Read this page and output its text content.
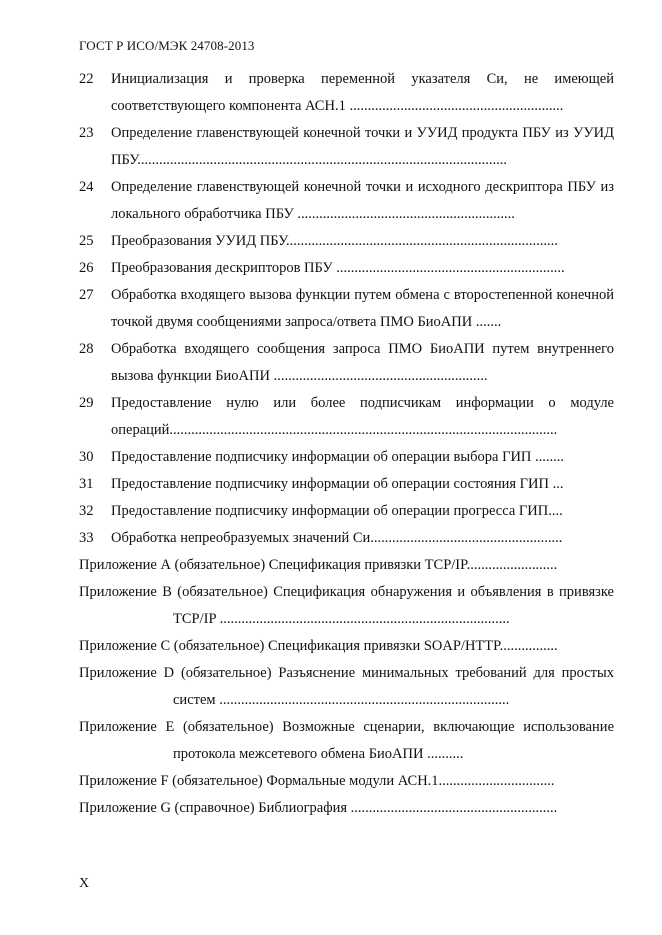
ГОСТ Р ИСО/МЭК 24708-2013
22	Инициализация и проверка переменной указателя Си, не имеющей соответствующего компонента АСН.1 ...........................................................

23	Определение главенствующей конечной точки и УУИД продукта ПБУ из УУИД ПБУ......................................................................................................

24	Определение главенствующей конечной точки и исходного дескриптора ПБУ из локального обработчика ПБУ ............................................................

25	Преобразования УУИД ПБУ...........................................................................

26	Преобразования дескрипторов ПБУ ...............................................................

27	Обработка входящего вызова функции путем обмена с второстепенной конечной точкой двумя сообщениями запроса/ответа ПМО БиоАПИ .......

28	Обработка входящего сообщения запроса ПМО БиоАПИ путем внутреннего вызова функции БиоАПИ ...........................................................

29	Предоставление нулю или более подписчикам информации о модуле операций...........................................................................................................

30	Предоставление подписчику информации об операции выбора ГИП ........

31	Предоставление подписчику информации об операции состояния ГИП ...

32	Предоставление подписчику информации об операции прогресса ГИП....

33	Обработка непреобразуемых значений Си.....................................................

Приложение А (обязательное) Спецификация привязки TCP/IP.........................

Приложение В (обязательное) Спецификация обнаружения и объявления в привязке TCP/IP ................................................................................

Приложение С (обязательное) Спецификация привязки SOAP/HTTP................

Приложение D (обязательное) Разъяснение минимальных требований для простых систем ................................................................................

Приложение Е (обязательное) Возможные сценарии, включающие использование протокола межсетевого обмена БиоАПИ ..........

Приложение F (обязательное) Формальные модули АСН.1................................

Приложение G (справочное) Библиография .........................................................

X
